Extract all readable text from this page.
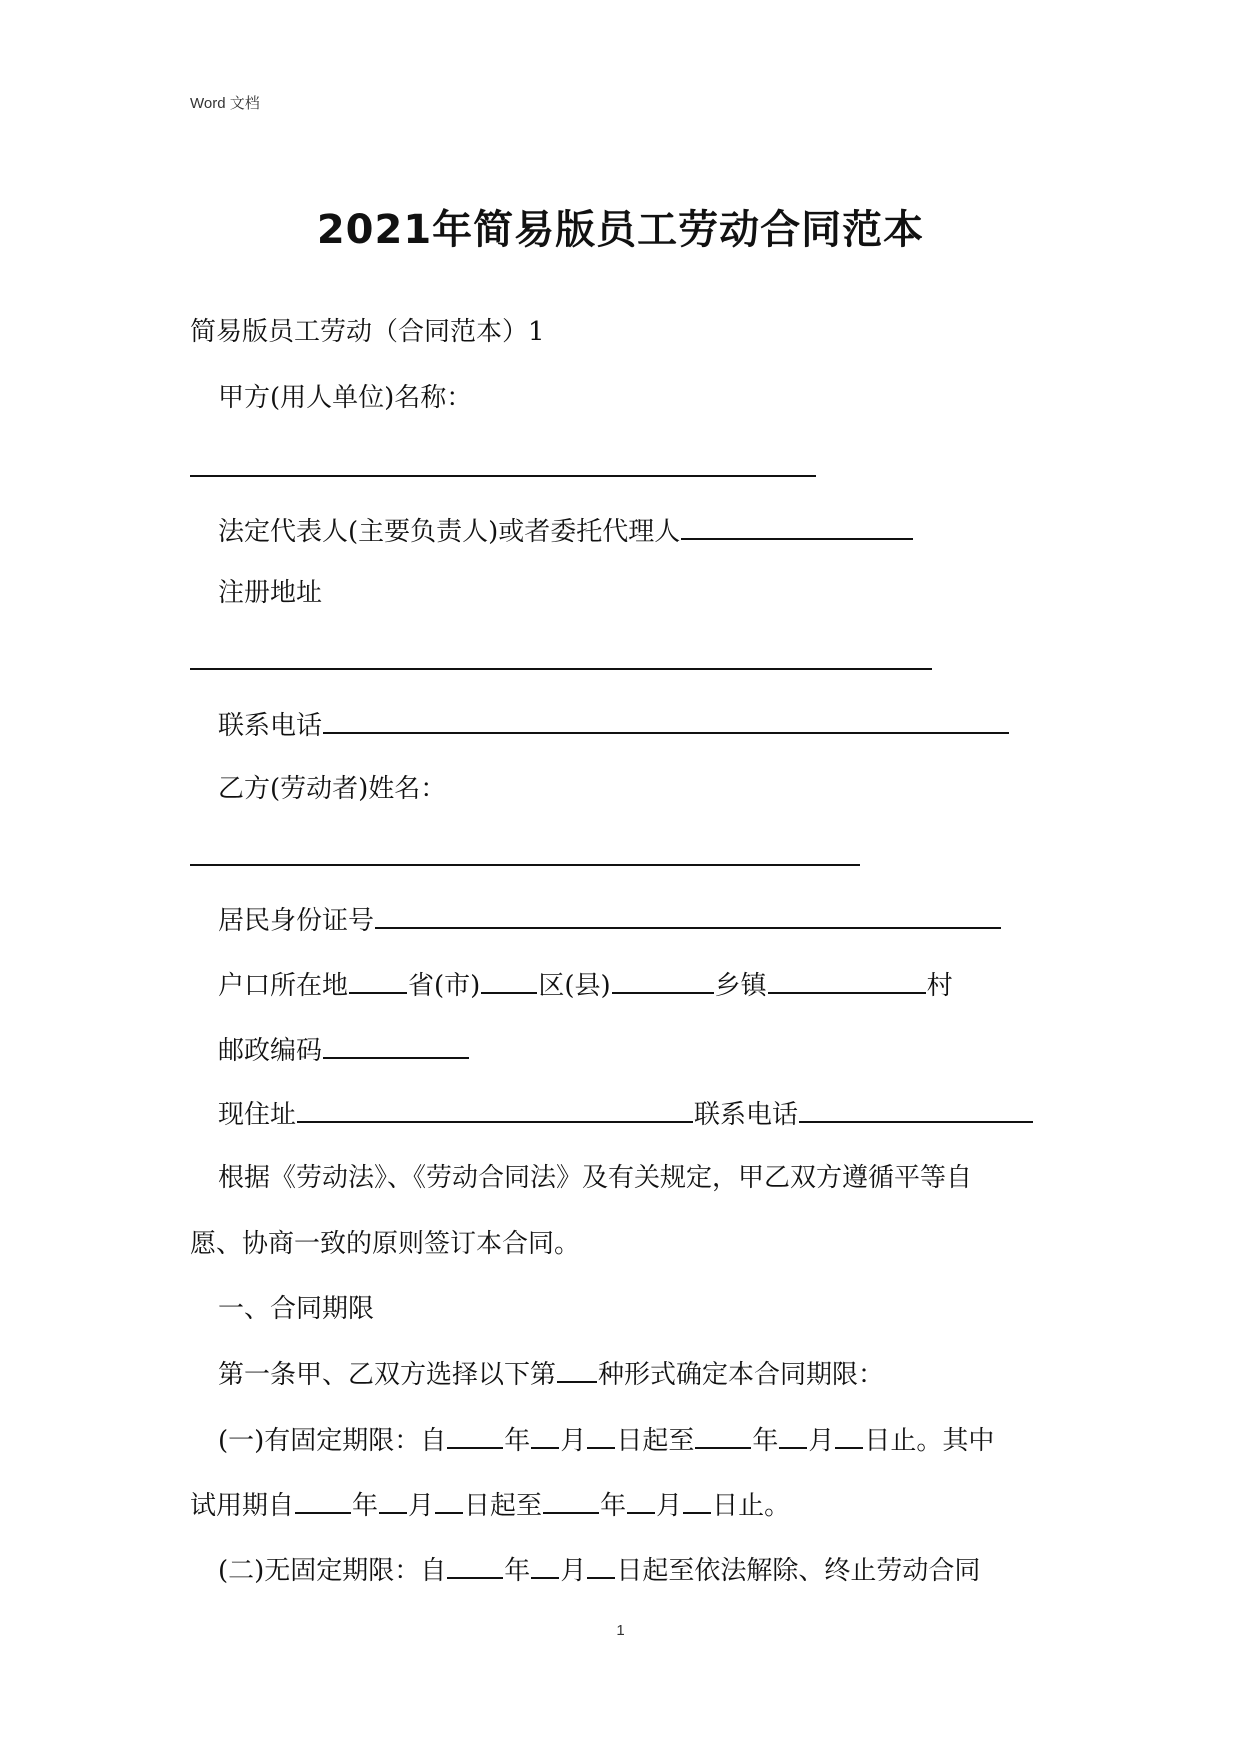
Word 文档
2021年简易版员工劳动合同范本
简易版员工劳动（合同范本）1
甲方(用人单位)名称：
法定代表人(主要负责人)或者委托代理人
注册地址
联系电话
乙方(劳动者)姓名：
居民身份证号
户口所在地 省(市) 区(县)	乡镇	村
邮政编码
现住址	联系电话
根据《劳动法》、《劳动合同法》及有关规定，甲乙双方遵循平等自
愿、协商一致的原则签订本合同。
一、合同期限
第一条甲、乙双方选择以下第 种形式确定本合同期限：
(一)有固定期限：自 年 月 日起至 年 月 日止。其中
试用期自 年 月 日起至 年 月 日止。
(二)无固定期限：自 年 月 日起至依法解除、终止劳动合同
1
